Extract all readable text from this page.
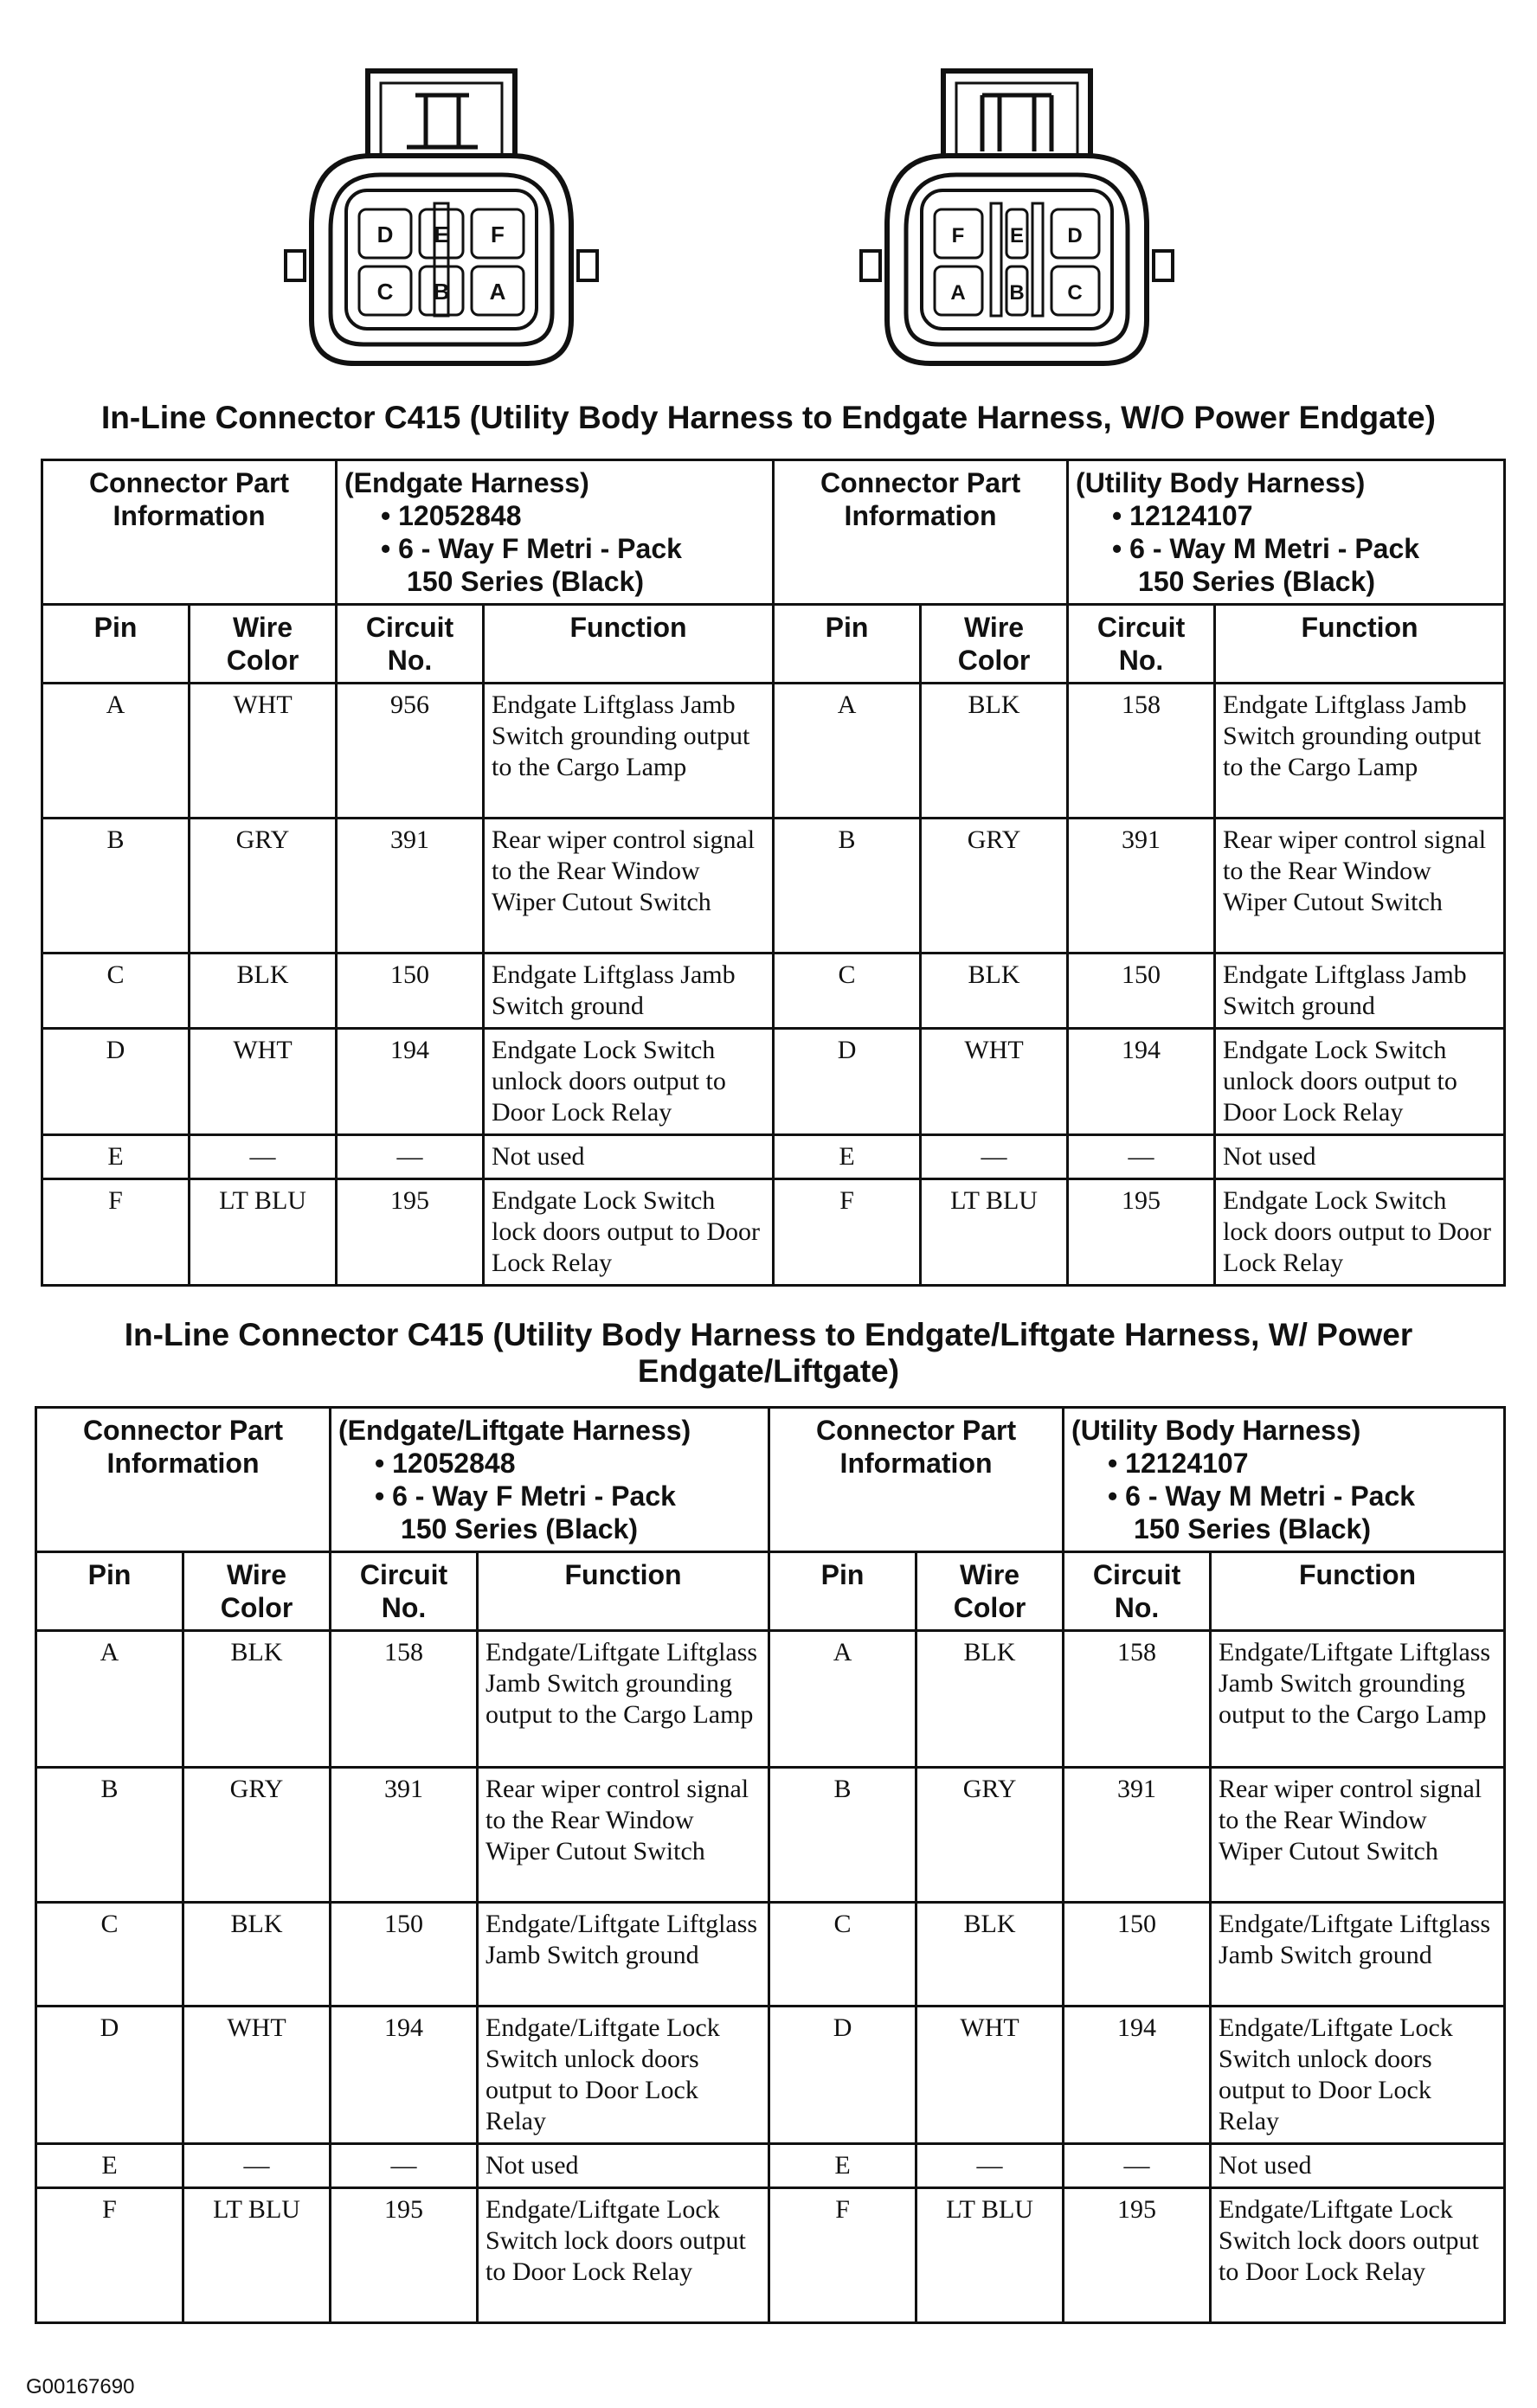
D E F
C B A
F E D
A B C
In-Line Connector C415 (Utility Body Harness to Endgate Harness, W/O Power Endgate)
Connector Part Information		(Endgate Harness)
• 12052848
• 6 - Way F Metri - Pack
150 Series (Black)		Connector Part Information		(Utility Body Harness)
• 12124107
• 6 - Way M Metri - Pack
150 Series (Black)	

Pin	Wire Color	Circuit No.	Function	Pin	Wire Color	Circuit No.	Function
A	WHT	956	Endgate Liftglass Jamb Switch grounding output to the Cargo Lamp	A	BLK	158	Endgate Liftglass Jamb Switch grounding output to the Cargo Lamp
B	GRY	391	Rear wiper control signal to the Rear Window Wiper Cutout Switch	B	GRY	391	Rear wiper control signal to the Rear Window Wiper Cutout Switch
C	BLK	150	Endgate Liftglass Jamb Switch ground	C	BLK	150	Endgate Liftglass Jamb Switch ground
D	WHT	194	Endgate Lock Switch unlock doors output to Door Lock Relay	D	WHT	194	Endgate Lock Switch unlock doors output to Door Lock Relay
E	—	—	Not used	E	—	—	Not used
F	LT BLU	195	Endgate Lock Switch lock doors output to Door Lock Relay	F	LT BLU	195	Endgate Lock Switch lock doors output to Door Lock Relay
In-Line Connector C415 (Utility Body Harness to Endgate/Liftgate Harness, W/ Power Endgate/Liftgate)
Connector Part Information		(Endgate/Liftgate Harness)
• 12052848
• 6 - Way F Metri - Pack
150 Series (Black)		Connector Part Information		(Utility Body Harness)
• 12124107
• 6 - Way M Metri - Pack
150 Series (Black)	

Pin	Wire Color	Circuit No.	Function	Pin	Wire Color	Circuit No.	Function
A	BLK	158	Endgate/Liftgate Liftglass Jamb Switch grounding output to the Cargo Lamp	A	BLK	158	Endgate/Liftgate Liftglass Jamb Switch grounding output to the Cargo Lamp
B	GRY	391	Rear wiper control signal to the Rear Window Wiper Cutout Switch	B	GRY	391	Rear wiper control signal to the Rear Window Wiper Cutout Switch
C	BLK	150	Endgate/Liftgate Liftglass Jamb Switch ground	C	BLK	150	Endgate/Liftgate Liftglass Jamb Switch ground
D	WHT	194	Endgate/Liftgate Lock Switch unlock doors output to Door Lock Relay	D	WHT	194	Endgate/Liftgate Lock Switch unlock doors output to Door Lock Relay
E	—	—	Not used	E	—	—	Not used
F	LT BLU	195	Endgate/Liftgate Lock Switch lock doors output to Door Lock Relay	F	LT BLU	195	Endgate/Liftgate Lock Switch lock doors output to Door Lock Relay
G00167690
